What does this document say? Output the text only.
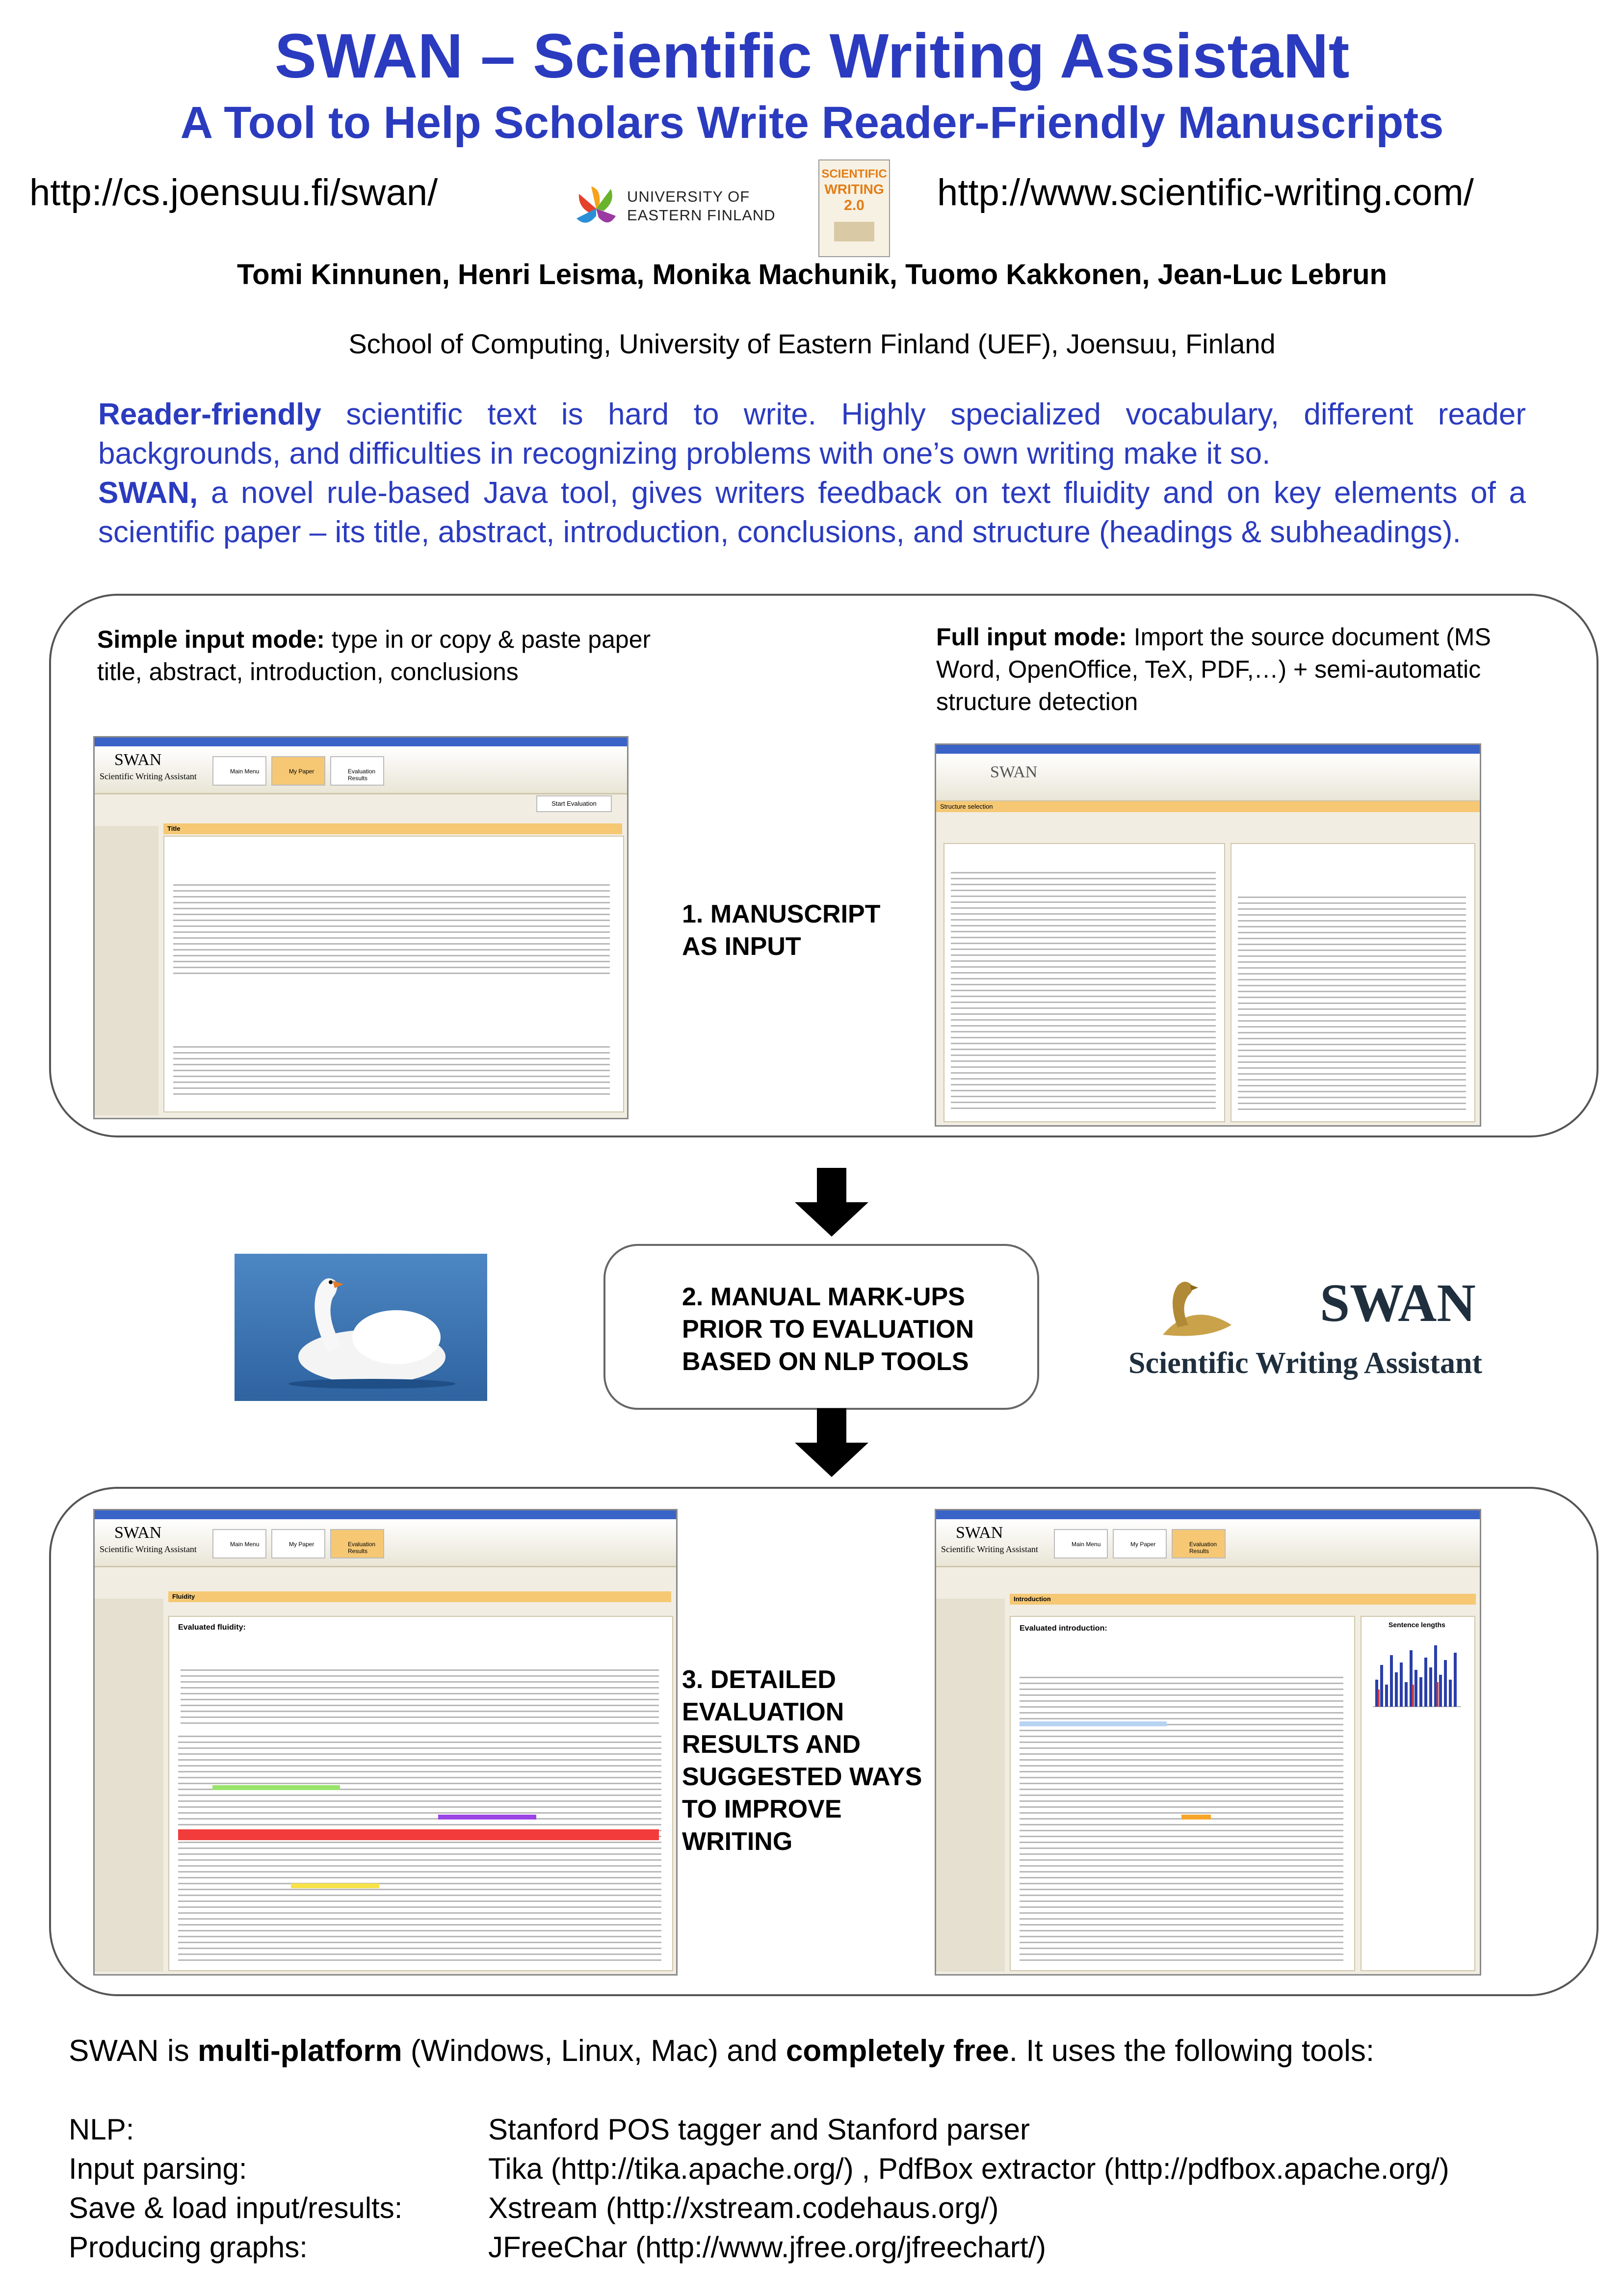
SWAN – Scientific Writing AssistaNt
A Tool to Help Scholars Write Reader-Friendly Manuscripts
http://cs.joensuu.fi/swan/	UNIVERSITY OF
EASTERN FINLAND
SCIENTIFIC
WRITING
2.0	http://www.scientific-writing.com/
Tomi Kinnunen, Henri Leisma, Monika Machunik, Tuomo Kakkonen, Jean-Luc Lebrun
School of Computing, University of Eastern Finland (UEF), Joensuu, Finland
Reader-friendly scientific text is hard to write. Highly specialized vocabulary, different reader backgrounds, and difficulties in recognizing problems with one’s own writing make it so.
SWAN, a novel rule-based Java tool, gives writers feedback on text fluidity and on key elements of a scientific paper – its title, abstract, introduction, conclusions, and structure (headings & subheadings).
Simple input mode: type in or copy & paste paper title, abstract, introduction, conclusions
Full input mode: Import the source document (MS Word, OpenOffice, TeX, PDF,…) + semi-automatic structure detection
SWAN
Scientific Writing Assistant	Main Menu	My Paper	Evaluation Results
Start Evaluation
Title
SWAN
Structure selection
1. MANUSCRIPT
AS INPUT
2. MANUAL MARK-UPS
PRIOR TO EVALUATION
BASED ON NLP TOOLS
SWAN
Scientific Writing Assistant
SWAN
Scientific Writing Assistant	Main Menu	My Paper	Evaluation Results
Fluidity
Evaluated fluidity:
SWAN
Scientific Writing Assistant	Main Menu	My Paper	Evaluation Results
Introduction
Evaluated introduction:	Sentence lengths
3. DETAILED
EVALUATION
RESULTS AND
SUGGESTED WAYS
TO IMPROVE
WRITING
SWAN is multi-platform (Windows, Linux, Mac) and completely free. It uses the following tools:
NLP:	Stanford POS tagger and Stanford parser
Input parsing:	Tika (http://tika.apache.org/) , PdfBox extractor (http://pdfbox.apache.org/)
Save & load input/results:	Xstream (http://xstream.codehaus.org/)
Producing graphs:	JFreeChar (http://www.jfree.org/jfreechart/)
